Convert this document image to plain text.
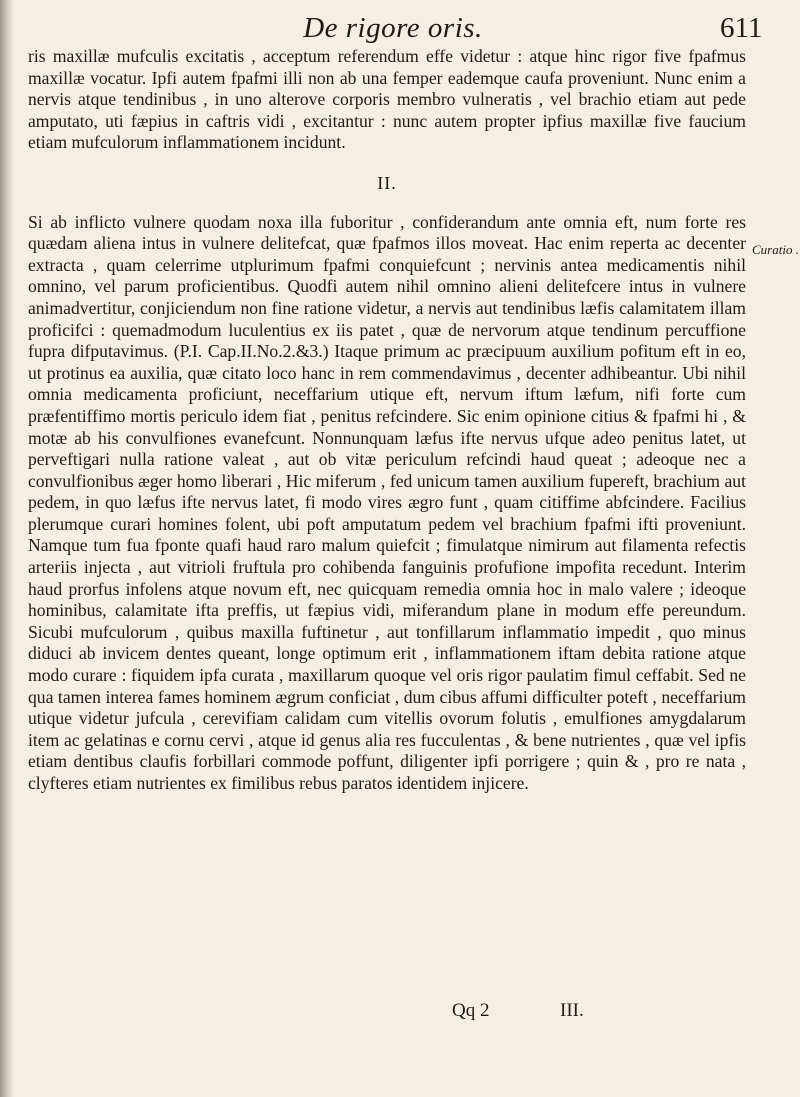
De rigore oris.	611

ris maxillæ mufculis excitatis , acceptum referendum effe videtur : atque hinc rigor five fpafmus maxillæ vocatur. Ipfi autem fpafmi illi non ab una femper eademque caufa proveniunt. Nunc enim a nervis atque tendinibus , in uno alterove corporis membro vulneratis , vel brachio etiam aut pede amputato, uti fæpius in caftris vidi , excitantur : nunc autem propter ipfius maxillæ five faucium etiam mufculorum inflammationem incidunt.

II.

Si ab inflicto vulnere quodam noxa illa fuboritur , confiderandum ante omnia eft, num forte res quædam aliena intus in vulnere delitefcat, quæ fpafmos illos moveat. Hac enim reperta ac decenter extracta , quam celerrime utplurimum fpafmi conquiefcunt ; nervinis antea medicamentis nihil omnino, vel parum proficientibus. Quodfi autem nihil omnino alieni delitefcere intus in vulnere animadvertitur, conjiciendum non fine ratione videtur, a nervis aut tendinibus læfis calamitatem illam proficifci : quemadmodum luculentius ex iis patet , quæ de nervorum atque tendinum percuffione fupra difputavimus. (P.I. Cap.II.No.2.&3.) Itaque primum ac præcipuum auxilium pofitum eft in eo, ut protinus ea auxilia, quæ citato loco hanc in rem commendavimus , decenter adhibeantur. Ubi nihil omnia medicamenta proficiunt, neceffarium utique eft, nervum iftum læfum, nifi forte cum præfentiffimo mortis periculo idem fiat , penitus refcindere. Sic enim opinione citius & fpafmi hi , & motæ ab his convulfiones evanefcunt. Nonnunquam læfus ifte nervus ufque adeo penitus latet, ut perveftigari nulla ratione valeat , aut ob vitæ periculum refcindi haud queat ; adeoque nec a convulfionibus æger homo liberari , Hic miferum , fed unicum tamen auxilium fupereft, brachium aut pedem, in quo læfus ifte nervus latet, fi modo vires ægro funt , quam citiffime abfcindere. Facilius plerumque curari homines folent, ubi poft amputatum pedem vel brachium fpafmi ifti proveniunt. Namque tum fua fponte quafi haud raro malum quiefcit ; fimulatque nimirum aut filamenta refectis arteriis injecta , aut vitrioli fruftula pro cohibenda fanguinis profufione impofita recedunt. Interim haud prorfus infolens atque novum eft, nec quicquam remedia omnia hoc in malo valere ; ideoque hominibus, calamitate ifta preffis, ut fæpius vidi, miferandum plane in modum effe pereundum. Sicubi mufculorum , quibus maxilla fuftinetur , aut tonfillarum inflammatio impedit , quo minus diduci ab invicem dentes queant, longe optimum erit , inflammationem iftam debita ratione atque modo curare : fiquidem ipfa curata , maxillarum quoque vel oris rigor paulatim fimul ceffabit. Sed ne qua tamen interea fames hominem ægrum conficiat , dum cibus affumi difficulter poteft , neceffarium utique videtur jufcula , cerevifiam calidam cum vitellis ovorum folutis , emulfiones amygdalarum item ac gelatinas e cornu cervi , atque id genus alia res fucculentas , & bene nutrientes , quæ vel ipfis etiam dentibus claufis forbillari commode poffunt, diligenter ipfi porrigere ; quin & , pro re nata , clyfteres etiam nutrientes ex fimilibus rebus paratos identidem injicere.

Curatio .
Qq 2	III.
